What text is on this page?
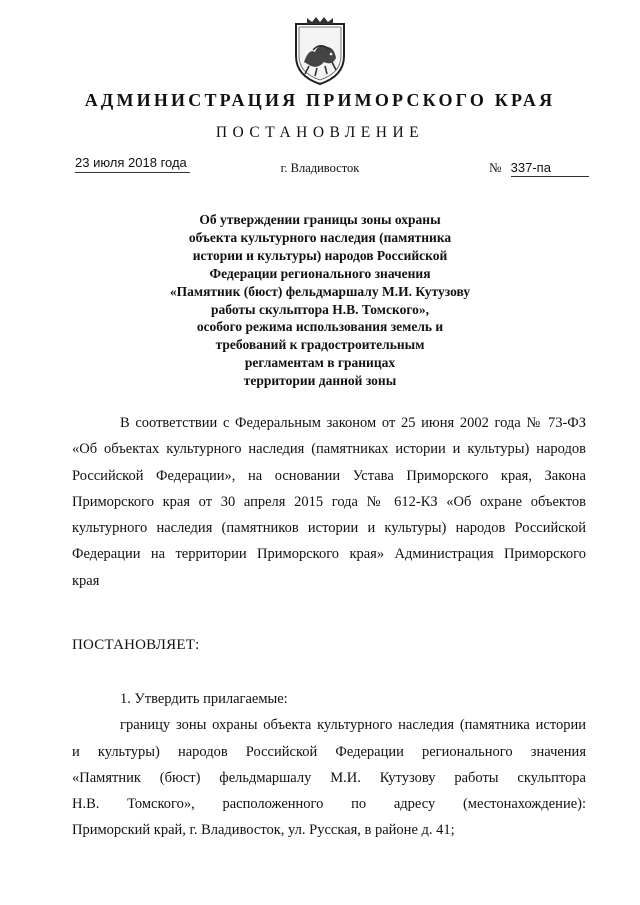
АДМИНИСТРАЦИЯ ПРИМОРСКОГО КРАЯ
ПОСТАНОВЛЕНИЕ
23 июля 2018 года	г. Владивосток	№ 337-па
Об утверждении границы зоны охраны
объекта культурного наследия (памятника
истории и культуры) народов Российской
Федерации регионального значения
«Памятник (бюст) фельдмаршалу М.И. Кутузову
работы скульптора Н.В. Томского»,
особого режима использования земель и
требований к градостроительным
регламентам в границах
территории данной зоны
В соответствии с Федеральным законом от 25 июня 2002 года № 73-ФЗ
«Об объектах культурного наследия (памятниках истории и культуры) народов
Российской Федерации», на основании Устава Приморского края, Закона
Приморского края от 30 апреля 2015 года № 612-КЗ «Об охране объектов
культурного наследия (памятников истории и культуры) народов Российской
Федерации на территории Приморского края» Администрация Приморского
края
ПОСТАНОВЛЯЕТ:
1. Утвердить прилагаемые:
границу зоны охраны объекта культурного наследия (памятника истории
и культуры) народов Российской Федерации регионального значения
«Памятник (бюст) фельдмаршалу М.И. Кутузову работы скульптора
Н.В. Томского», расположенного по адресу (местонахождение):
Приморский край, г. Владивосток, ул. Русская, в районе д. 41;
